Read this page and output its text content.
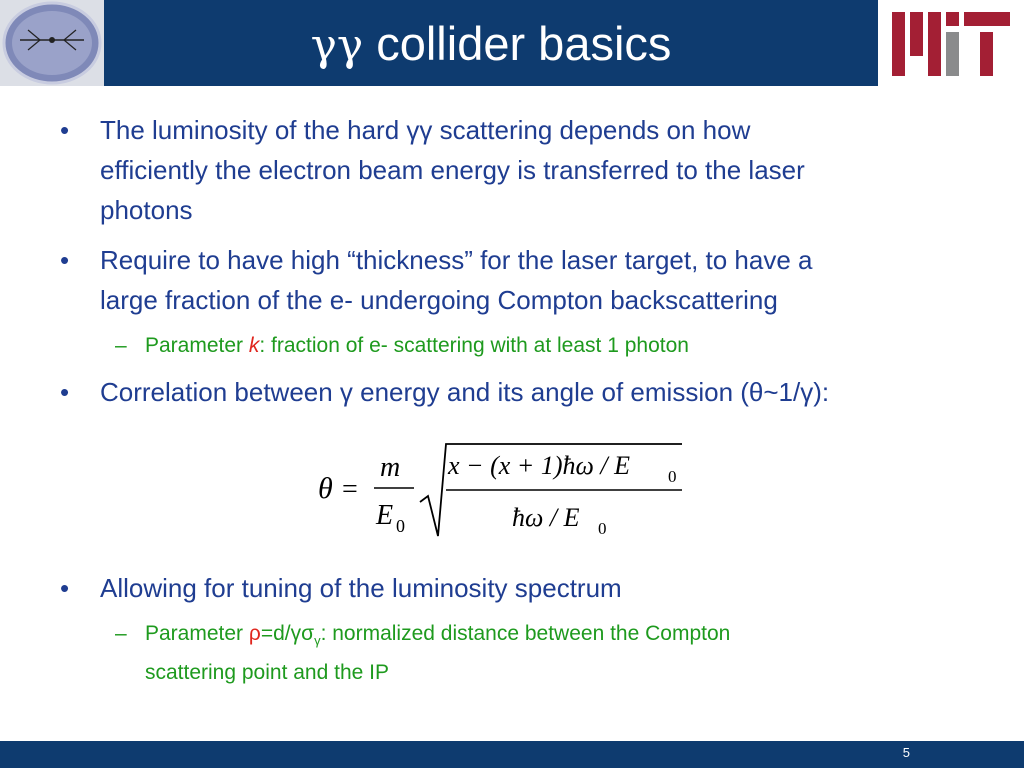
γγ collider basics
• The luminosity of the hard γγ scattering depends on how
efficiently the electron beam energy is transferred to the laser
photons
• Require to have high “thickness” for the laser target, to have a
large fraction of the e- undergoing Compton backscattering
– Parameter k: fraction of e- scattering with at least 1 photon
• Correlation between γ energy and its angle of emission (θ~1/γ):
θ =
m
E 0
x − (x + 1)ħω / E 0
ħω / E 0
• Allowing for tuning of the luminosity spectrum
– Parameter $\rho=d/\gamma\sigma_\gamma$: normalized distance between the Compton
scattering point and the IP
5
